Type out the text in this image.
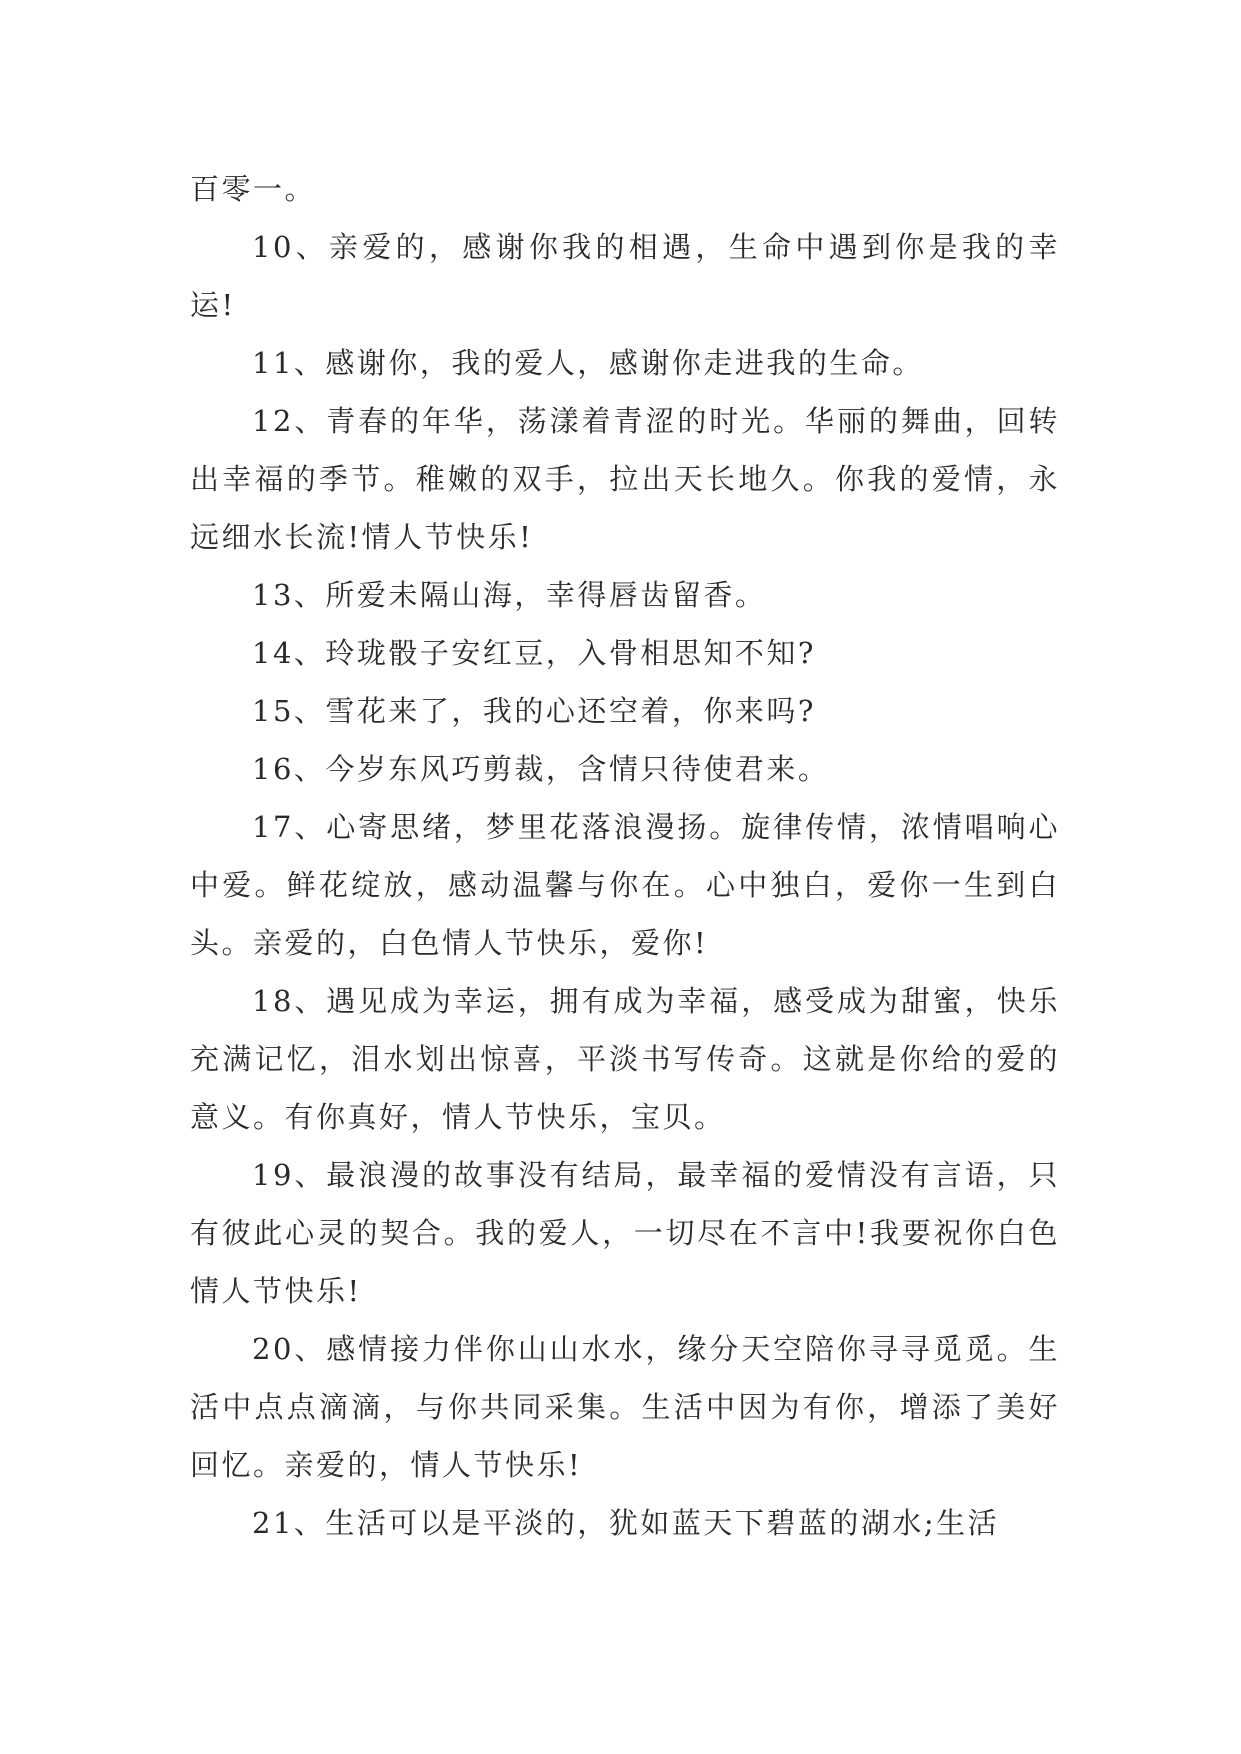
百零一。

10、亲爱的，感谢你我的相遇，生命中遇到你是我的幸运!

11、感谢你，我的爱人，感谢你走进我的生命。

12、青春的年华，荡漾着青涩的时光。华丽的舞曲，回转出幸福的季节。稚嫩的双手，拉出天长地久。你我的爱情，永远细水长流!情人节快乐!

13、所爱未隔山海，幸得唇齿留香。

14、玲珑骰子安红豆，入骨相思知不知?

15、雪花来了，我的心还空着，你来吗?

16、今岁东风巧剪裁，含情只待使君来。

17、心寄思绪，梦里花落浪漫扬。旋律传情，浓情唱响心中爱。鲜花绽放，感动温馨与你在。心中独白，爱你一生到白头。亲爱的，白色情人节快乐，爱你!

18、遇见成为幸运，拥有成为幸福，感受成为甜蜜，快乐充满记忆，泪水划出惊喜，平淡书写传奇。这就是你给的爱的意义。有你真好，情人节快乐，宝贝。

19、最浪漫的故事没有结局，最幸福的爱情没有言语，只有彼此心灵的契合。我的爱人，一切尽在不言中!我要祝你白色情人节快乐!

20、感情接力伴你山山水水，缘分天空陪你寻寻觅觅。生活中点点滴滴，与你共同采集。生活中因为有你，增添了美好回忆。亲爱的，情人节快乐!

21、生活可以是平淡的，犹如蓝天下碧蓝的湖水;生活
